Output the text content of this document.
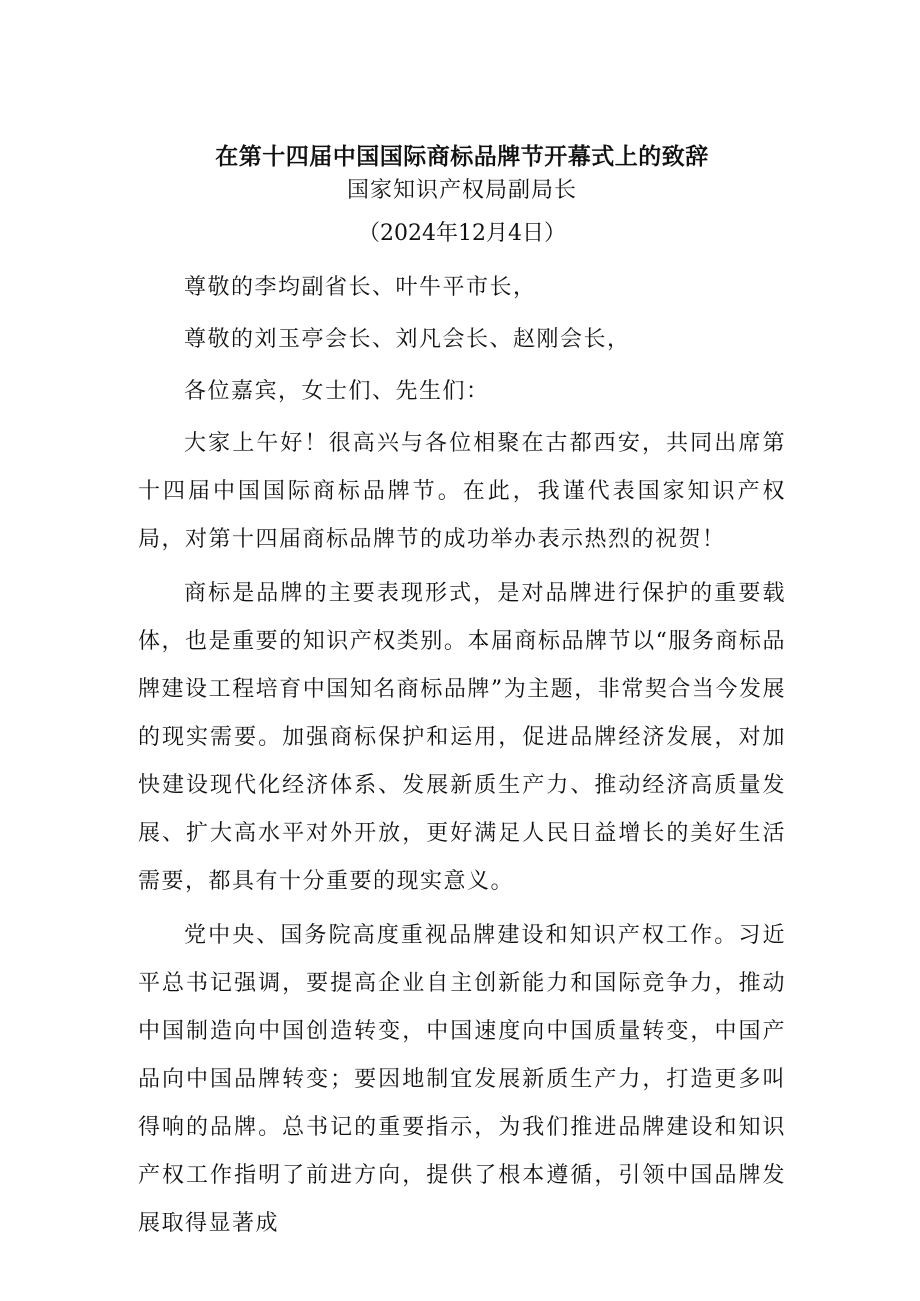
在第十四届中国国际商标品牌节开幕式上的致辞

国家知识产权局副局长

（2024年12月4日）

尊敬的李均副省长、叶牛平市长，

尊敬的刘玉亭会长、刘凡会长、赵刚会长，

各位嘉宾，女士们、先生们：

大家上午好！很高兴与各位相聚在古都西安，共同出席第十四届中国国际商标品牌节。在此，我谨代表国家知识产权局，对第十四届商标品牌节的成功举办表示热烈的祝贺！

商标是品牌的主要表现形式，是对品牌进行保护的重要载体，也是重要的知识产权类别。本届商标品牌节以“服务商标品牌建设工程培育中国知名商标品牌”为主题，非常契合当今发展的现实需要。加强商标保护和运用，促进品牌经济发展，对加快建设现代化经济体系、发展新质生产力、推动经济高质量发展、扩大高水平对外开放，更好满足人民日益增长的美好生活需要，都具有十分重要的现实意义。

党中央、国务院高度重视品牌建设和知识产权工作。习近平总书记强调，要提高企业自主创新能力和国际竞争力，推动中国制造向中国创造转变，中国速度向中国质量转变，中国产品向中国品牌转变；要因地制宜发展新质生产力，打造更多叫得响的品牌。总书记的重要指示，为我们推进品牌建设和知识产权工作指明了前进方向，提供了根本遵循，引领中国品牌发展取得显著成
